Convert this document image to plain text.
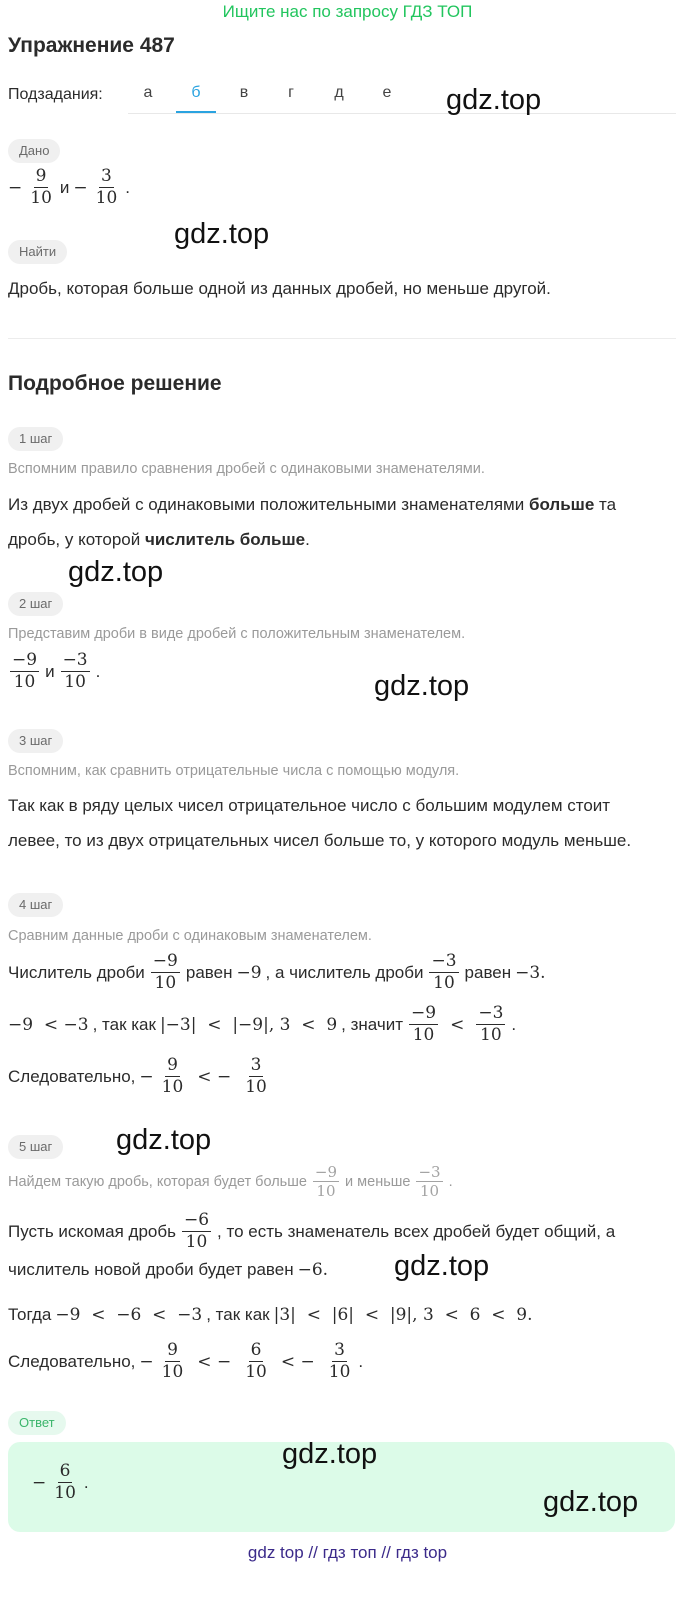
Ищите нас по запросу ГДЗ ТОП
Упражнение 487
Подзадания:	а	б	в	г	д	е
Дано
− $\frac{9}{10}$ $и - \frac{3}{10}$ .
Найти
Дробь, которая больше одной из данных дробей, но меньше другой.
Подробное решение
1 шаг
Вспомним правило сравнения дробей с одинаковыми знаменателями.
Из двух дробей с одинаковыми положительными знаменателями больше та
дробь, у которой числитель больше.
2 шаг
Представим дроби в виде дробей с положительным знаменателем.
$\frac{-9}{10}$ и $\frac{-3}{10}$ .
3 шаг
Вспомним, как сравнить отрицательные числа с помощью модуля.
Так как в ряду целых чисел отрицательное число с большим модулем стоит
левее, то из двух отрицательных чисел больше то, у которого модуль меньше.
4 шаг
Сравним данные дроби с одинаковым знаменателем.
Числитель дроби $\frac{-9}{10}$ равен −9 , а числитель дроби $\frac{-3}{10}$ равен −3.
−9  < −3 , так как |−3|  <  |−9|, 3  <  9 , значит $\frac{-9}{10} < \frac{-3}{10}$ .
Следовательно, − $\frac{9}{10}$ < − $\frac{3}{10}$
5 шаг
Найдем такую дробь, которая будет больше $\frac{-9}{10}$ и меньше $\frac{-3}{10}$ .
Пусть искомая дробь $\frac{-6}{10}$ , то есть знаменатель всех дробей будет общий, а
числитель новой дроби будет равен −6.
Тогда −9  <  −6  <  −3 , так как |3|  <  |6|  <  |9|, 3  <  6  <  9.
Следовательно, − $\frac{9}{10}$ < − $\frac{6}{10}$ < − $\frac{3}{10}$ .
Ответ
− $\frac{6}{10}$ .
gdz.top
gdz.top
gdz.top
gdz.top
gdz.top
gdz.top
gdz.top
gdz.top
gdz top // гдз топ // гдз top
